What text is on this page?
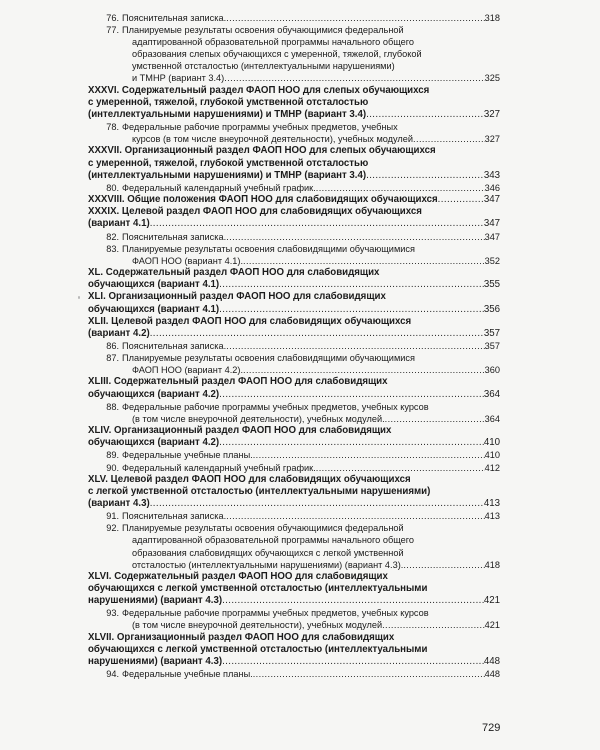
76. Пояснительная записка. .....	318
77. Планируемые результаты освоения обучающимися федеральной
адаптированной образовательной программы начального общего
образования слепых обучающихся с умеренной, тяжелой, глубокой
умственной отсталостью (интеллектуальными нарушениями)
и ТМНР (вариант 3.4) .....	325
XXXVI. Содержательный раздел ФАОП НОО для слепых обучающихся
с умеренной, тяжелой, глубокой умственной отсталостью
(интеллектуальными нарушениями) и ТМНР (вариант 3.4) .....	327
78. Федеральные рабочие программы учебных предметов, учебных
курсов (в том числе внеурочной деятельности), учебных модулей .....	327
XXXVII. Организационный раздел ФАОП НОО для слепых обучающихся
с умеренной, тяжелой, глубокой умственной отсталостью
(интеллектуальными нарушениями) и ТМНР (вариант 3.4) .....	343
80. Федеральный календарный учебный график. .....	346
XXXVIII. Общие положения ФАОП НОО для слабовидящих обучающихся .....	347
XXXIX. Целевой раздел ФАОП НОО для слабовидящих обучающихся
(вариант 4.1) .....	347
82. Пояснительная записка. .....	347
83. Планируемые результаты освоения слабовидящими обучающимися
ФАОП НОО (вариант 4.1). .....	352
XL. Содержательный раздел ФАОП НОО для слабовидящих
обучающихся (вариант 4.1) .....	355
XLI. Организационный раздел ФАОП НОО для слабовидящих
обучающихся (вариант 4.1) .....	356
XLII. Целевой раздел ФАОП НОО для слабовидящих обучающихся
(вариант 4.2) .....	357
86. Пояснительная записка. .....	357
87. Планируемые результаты освоения слабовидящими обучающимися
ФАОП НОО (вариант 4.2). .....	360
XLIII. Содержательный раздел ФАОП НОО для слабовидящих
обучающихся (вариант 4.2) .....	364
88. Федеральные рабочие программы учебных предметов, учебных курсов
(в том числе внеурочной деятельности), учебных модулей. .....	364
XLIV. Организационный раздел ФАОП НОО для слабовидящих
обучающихся (вариант 4.2) .....	410
89. Федеральные учебные планы. .....	410
90. Федеральный календарный учебный график. .....	412
XLV. Целевой раздел ФАОП НОО для слабовидящих обучающихся
с легкой умственной отсталостью (интеллектуальными нарушениями)
(вариант 4.3) .....	413
91. Пояснительная записка. .....	413
92. Планируемые результаты освоения обучающимися федеральной
адаптированной образовательной программы начального общего
образования слабовидящих обучающихся с легкой умственной
отсталостью (интеллектуальными нарушениями) (вариант 4.3). .....	418
XLVI. Содержательный раздел ФАОП НОО для слабовидящих
обучающихся с легкой умственной отсталостью (интеллектуальными
нарушениями) (вариант 4.3) .....	421
93. Федеральные рабочие программы учебных предметов, учебных курсов
(в том числе внеурочной деятельности), учебных модулей .....	421
XLVII. Организационный раздел ФАОП НОО для слабовидящих
обучающихся с легкой умственной отсталостью (интеллектуальными
нарушениями) (вариант 4.3) .....	448
94. Федеральные учебные планы. .....	448
729
